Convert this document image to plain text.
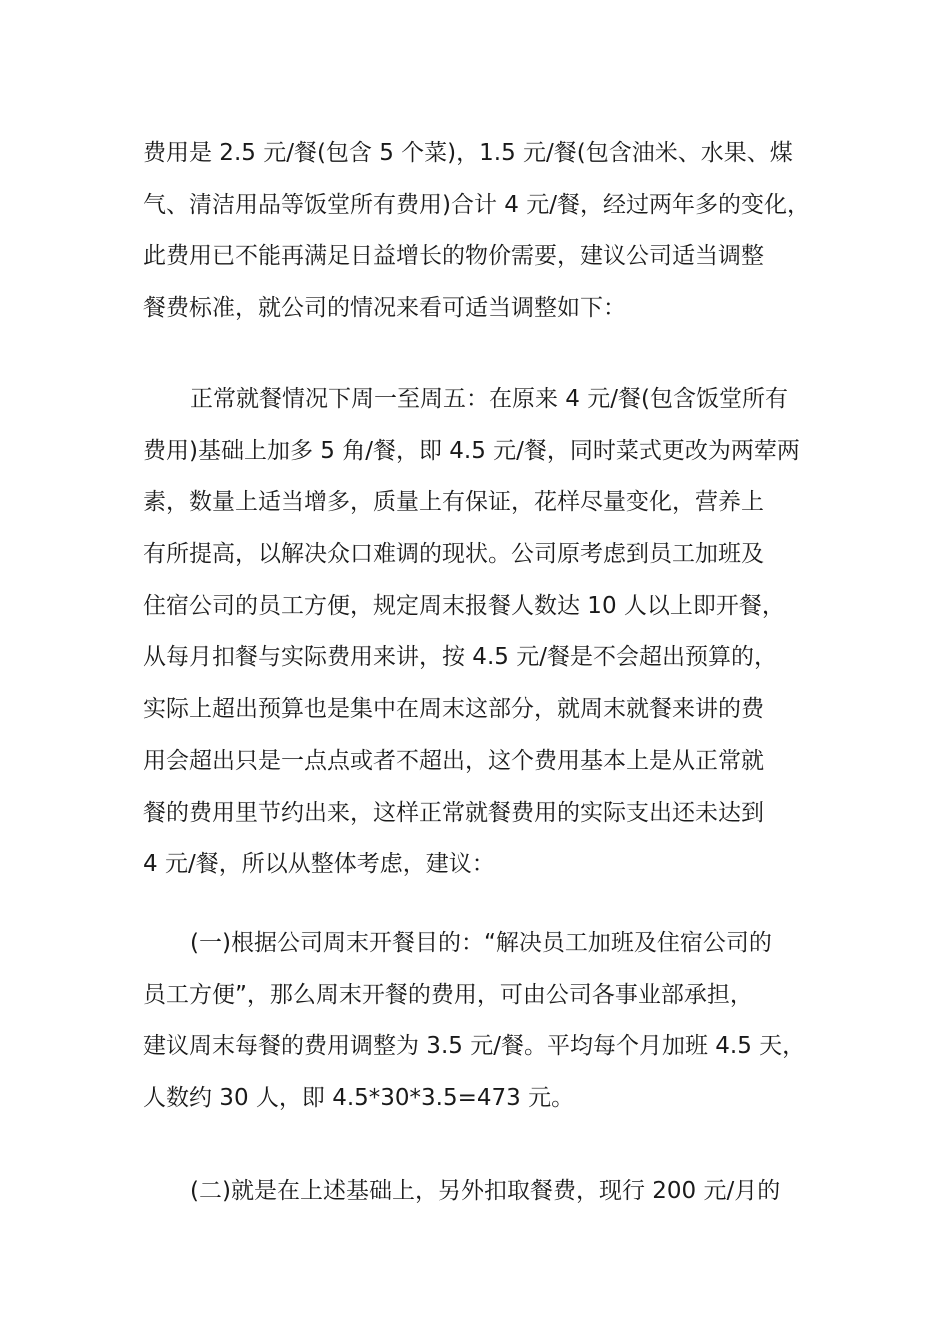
费用是 2.5 元/餐(包含 5 个菜)，1.5 元/餐(包含油米、水果、煤
气、清洁用品等饭堂所有费用)合计 4 元/餐，经过两年多的变化，
此费用已不能再满足日益增长的物价需要，建议公司适当调整
餐费标准，就公司的情况来看可适当调整如下：
正常就餐情况下周一至周五：在原来 4 元/餐(包含饭堂所有
费用)基础上加多 5 角/餐，即 4.5 元/餐，同时菜式更改为两荤两
素，数量上适当增多，质量上有保证，花样尽量变化，营养上
有所提高，以解决众口难调的现状。公司原考虑到员工加班及
住宿公司的员工方便，规定周末报餐人数达 10 人以上即开餐，
从每月扣餐与实际费用来讲，按 4.5 元/餐是不会超出预算的，
实际上超出预算也是集中在周末这部分，就周末就餐来讲的费
用会超出只是一点点或者不超出，这个费用基本上是从正常就
餐的费用里节约出来，这样正常就餐费用的实际支出还未达到
4 元/餐，所以从整体考虑，建议：
(一)根据公司周末开餐目的：“解决员工加班及住宿公司的
员工方便”，那么周末开餐的费用，可由公司各事业部承担，
建议周末每餐的费用调整为 3.5 元/餐。平均每个月加班 4.5 天，
人数约 30 人，即 4.5*30*3.5=473 元。
(二)就是在上述基础上，另外扣取餐费，现行 200 元/月的
